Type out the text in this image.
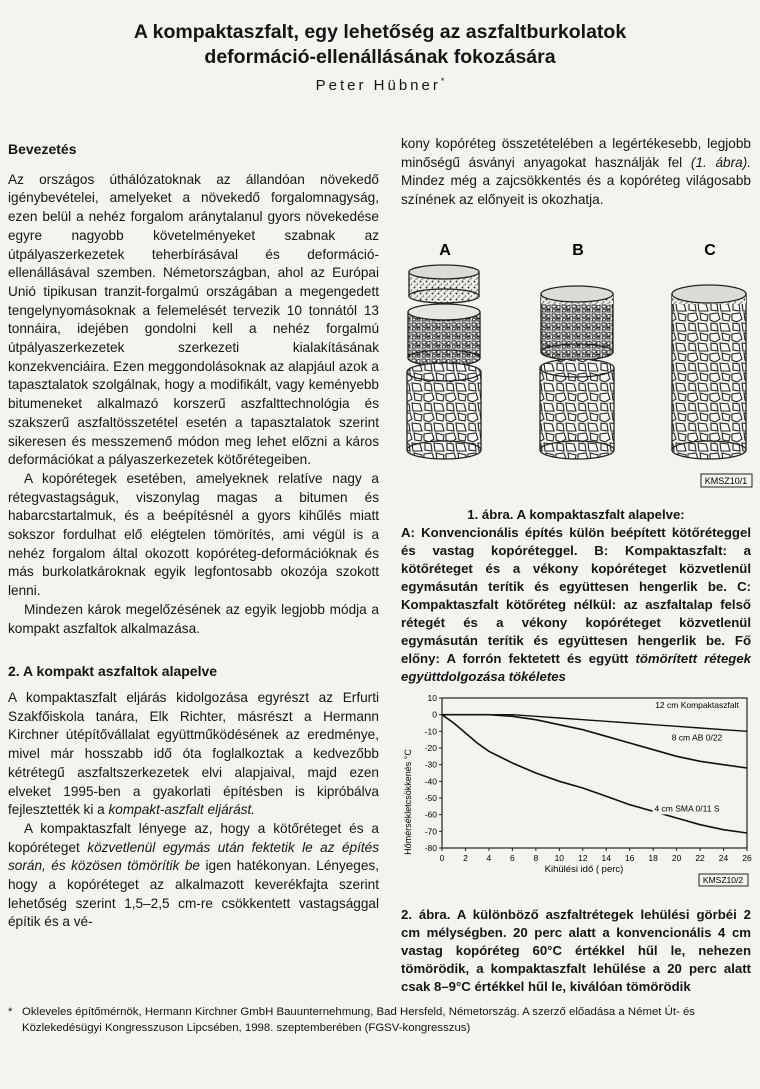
A kompaktaszfalt, egy lehetőség az aszfaltburkolatok
deformáció-ellenállásának fokozására
Peter Hübner*

Bevezetés

Az országos úthálózatoknak az állandóan növekedő igénybevételei, amelyeket a növekedő forgalomnagyság, ezen belül a nehéz forgalom aránytalanul gyors növekedése egyre nagyobb követelményeket szabnak az útpályaszerkezetek teherbírásával és deformáció-ellenállásával szemben. Németországban, ahol az Európai Unió tipikusan tranzit-forgalmú országában a megengedett tengelynyomásoknak a felemelését tervezik 10 tonnától 13 tonnáira, idejében gondolni kell a nehéz forgalmú útpályaszerkezetek szerkezeti kialakításának konzekvenciáira. Ezen meggondolásoknak az alapjául azok a tapasztalatok szolgálnak, hogy a modifikált, vagy keményebb bitumeneket alkalmazó korszerű aszfalttechnológia és szakszerű aszfaltösszetétel esetén a tapasztalatok szerint sikeresen és messzemenő módon meg lehet előzni a káros deformációkat a pályaszerkezetek kötőrétegeiben.

A kopórétegek esetében, amelyeknek relatíve nagy a rétegvastagságuk, viszonylag magas a bitumen és habarcstartalmuk, és a beépítésnél a gyors kihűlés miatt sokszor fordulhat elő elégtelen tömörítés, ami végül is a nehéz forgalom által okozott kopóréteg-deformációknak és más burkolatkároknak egyik legfontosabb okozója szokott lenni.

Mindezen károk megelőzésének az egyik legjobb módja a kompakt aszfaltok alkalmazása.

2. A kompakt aszfaltok alapelve

A kompaktaszfalt eljárás kidolgozása egyrészt az Erfurti Szakfőiskola tanára, Elk Richter, másrészt a Hermann Kirchner útépítővállalat együttműködésének az eredménye, mivel már hosszabb idő óta foglalkoztak a kedvezőbb kétrétegű aszfaltszerkezetek elvi alapjaival, majd ezen elveket 1995-ben a gyakorlati építésben is kipróbálva fejlesztették ki a kompakt-aszfalt eljárást.

A kompaktaszfalt lényege az, hogy a kötőréteget és a kopóréteget közvetlenül egymás után fektetik le az építés során, és közösen tömörítik be igen hatékonyan. Lényeges, hogy a kopóréteget az alkalmazott keverékfajta szerint lehetőség szerint 1,5–2,5 cm-re csökkentett vastagsággal építik és a vé-

kony kopóréteg összetételében a legértékesebb, legjobb minőségű ásványi anyagokat használják fel (1. ábra). Mindez még a zajcsökkentés és a kopóréteg világosabb színének az előnyeit is okozhatja.

A	B	C
KMSZ10/1
1. ábra. A kompaktaszfalt alapelve:
A: Konvencionális építés külön beépített kötőréteggel és vastag kopóréteggel. B: Kompaktaszfalt: a kötőréteget és a vékony kopóréteget közvetlenül egymásután terítik és együttesen hengerlik be. C: Kompaktaszfalt kötőréteg nélkül: az aszfaltalap felső rétegét és a vékony kopóréteget közvetlenül egymásután terítik és együttesen hengerlik be. Fő előny: A forrón fektetett és együtt tömörített rétegek együttdolgozása tökéletes
10
0
-10
-20
-30
-40
-50
-60
-70
-80
0 2 4 6 8 10 12 14 16 18 20 22 24 26
12 cm Kompaktaszfalt
8 cm AB 0/22
4 cm SMA 0/11 S
Hőmérsékletcsökkenés °C
Kihülési idő ( perc)
KMSZ10/2
2. ábra. A különböző aszfaltrétegek lehülési görbéi 2 cm mélységben. 20 perc alatt a konvencionális 4 cm vastag kopóréteg 60°C értékkel hűl le, nehezen tömörödik, a kompaktaszfalt lehűlése a 20 perc alatt csak 8–9°C értékkel hűl le, kiválóan tömörödik
* Okleveles építőmérnök, Hermann Kirchner GmbH Bauunternehmung, Bad Hersfeld, Németország. A szerző előadása a Német Út- és Közlekedésügyi Kongresszuson Lipcsében, 1998. szeptemberében (FGSV-kongresszus)
